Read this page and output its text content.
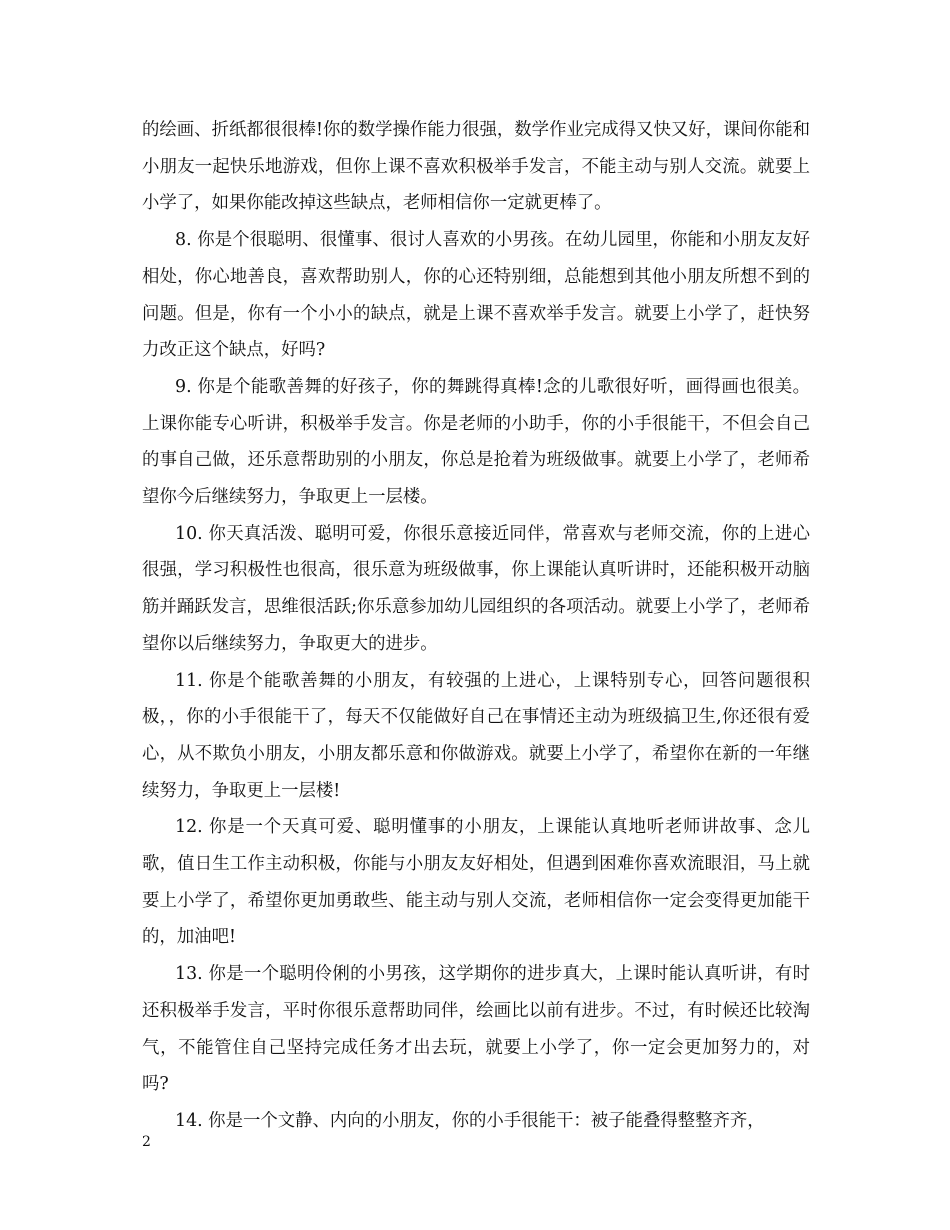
的绘画、折纸都很很棒!你的数学操作能力很强，数学作业完成得又快又好，课间你能和小朋友一起快乐地游戏，但你上课不喜欢积极举手发言，不能主动与别人交流。就要上小学了，如果你能改掉这些缺点，老师相信你一定就更棒了。

8. 你是个很聪明、很懂事、很讨人喜欢的小男孩。在幼儿园里，你能和小朋友友好相处，你心地善良，喜欢帮助别人，你的心还特别细，总能想到其他小朋友所想不到的问题。但是，你有一个小小的缺点，就是上课不喜欢举手发言。就要上小学了，赶快努力改正这个缺点，好吗?

9. 你是个能歌善舞的好孩子，你的舞跳得真棒!念的儿歌很好听，画得画也很美。上课你能专心听讲，积极举手发言。你是老师的小助手，你的小手很能干，不但会自己的事自己做，还乐意帮助别的小朋友，你总是抢着为班级做事。就要上小学了，老师希望你今后继续努力，争取更上一层楼。

10. 你天真活泼、聪明可爱，你很乐意接近同伴，常喜欢与老师交流，你的上进心很强，学习积极性也很高，很乐意为班级做事，你上课能认真听讲时，还能积极开动脑筋并踊跃发言，思维很活跃;你乐意参加幼儿园组织的各项活动。就要上小学了，老师希望你以后继续努力，争取更大的进步。

11. 你是个能歌善舞的小朋友，有较强的上进心，上课特别专心，回答问题很积极，，你的小手很能干了，每天不仅能做好自己在事情还主动为班级搞卫生,你还很有爱心，从不欺负小朋友，小朋友都乐意和你做游戏。就要上小学了，希望你在新的一年继续努力，争取更上一层楼!

12. 你是一个天真可爱、聪明懂事的小朋友，上课能认真地听老师讲故事、念儿歌，值日生工作主动积极，你能与小朋友友好相处，但遇到困难你喜欢流眼泪，马上就要上小学了，希望你更加勇敢些、能主动与别人交流，老师相信你一定会变得更加能干的，加油吧!

13. 你是一个聪明伶俐的小男孩，这学期你的进步真大，上课时能认真听讲，有时还积极举手发言，平时你很乐意帮助同伴，绘画比以前有进步。不过，有时候还比较淘气，不能管住自己坚持完成任务才出去玩，就要上小学了，你一定会更加努力的，对吗?

14. 你是一个文静、内向的小朋友，你的小手很能干：被子能叠得整整齐齐，

2
